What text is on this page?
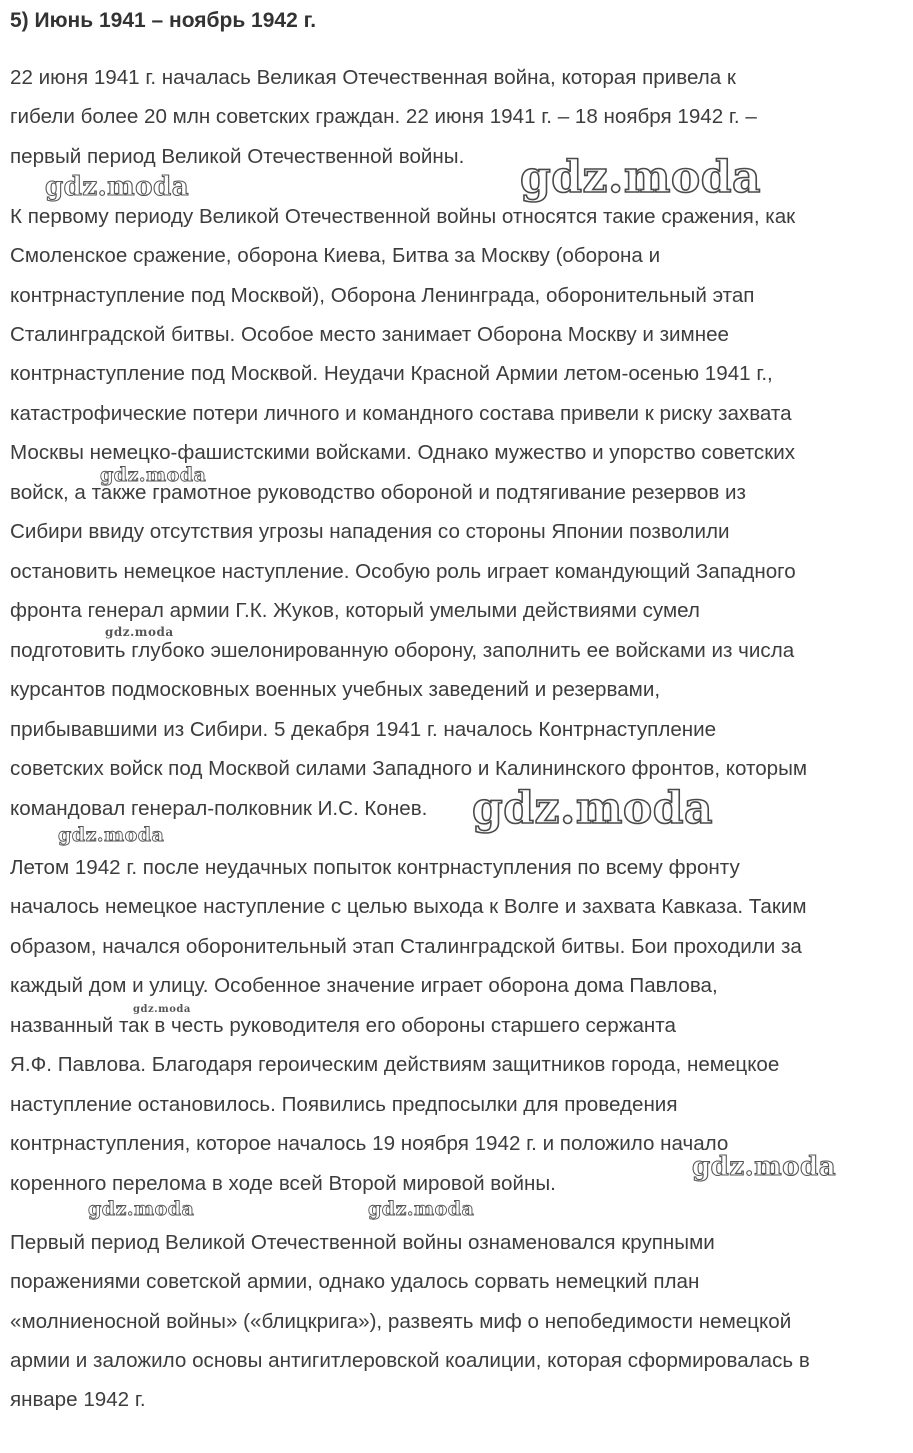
5) Июнь 1941 – ноябрь 1942 г.
22 июня 1941 г. началась Великая Отечественная война, которая привела к
гибели более 20 млн советских граждан. 22 июня 1941 г. – 18 ноября 1942 г. –
первый период Великой Отечественной войны.
К первому периоду Великой Отечественной войны относятся такие сражения, как
Смоленское сражение, оборона Киева, Битва за Москву (оборона и
контрнаступление под Москвой), Оборона Ленинграда, оборонительный этап
Сталинградской битвы. Особое место занимает Оборона Москву и зимнее
контрнаступление под Москвой. Неудачи Красной Армии летом-осенью 1941 г.,
катастрофические потери личного и командного состава привели к риску захвата
Москвы немецко-фашистскими войсками. Однако мужество и упорство советских
войск, а также грамотное руководство обороной и подтягивание резервов из
Сибири ввиду отсутствия угрозы нападения со стороны Японии позволили
остановить немецкое наступление. Особую роль играет командующий Западного
фронта генерал армии Г.К. Жуков, который умелыми действиями сумел
подготовить глубоко эшелонированную оборону, заполнить ее войсками из числа
курсантов подмосковных военных учебных заведений и резервами,
прибывавшими из Сибири. 5 декабря 1941 г. началось Контрнаступление
советских войск под Москвой силами Западного и Калининского фронтов, которым
командовал генерал-полковник И.С. Конев.
Летом 1942 г. после неудачных попыток контрнаступления по всему фронту
началось немецкое наступление с целью выхода к Волге и захвата Кавказа. Таким
образом, начался оборонительный этап Сталинградской битвы. Бои проходили за
каждый дом и улицу. Особенное значение играет оборона дома Павлова,
названный так в честь руководителя его обороны старшего сержанта
Я.Ф. Павлова. Благодаря героическим действиям защитников города, немецкое
наступление остановилось. Появились предпосылки для проведения
контрнаступления, которое началось 19 ноября 1942 г. и положило начало
коренного перелома в ходе всей Второй мировой войны.
Первый период Великой Отечественной войны ознаменовался крупными
поражениями советской армии, однако удалось сорвать немецкий план
«молниеносной войны» («блицкрига»), развеять миф о непобедимости немецкой
армии и заложило основы антигитлеровской коалиции, которая сформировалась в
январе 1942 г.
gdz.moda	gdz.moda
gdz.moda
gdz.moda
gdz.moda
gdz.moda
gdz.moda
gdz.moda
gdz.moda	gdz.moda
